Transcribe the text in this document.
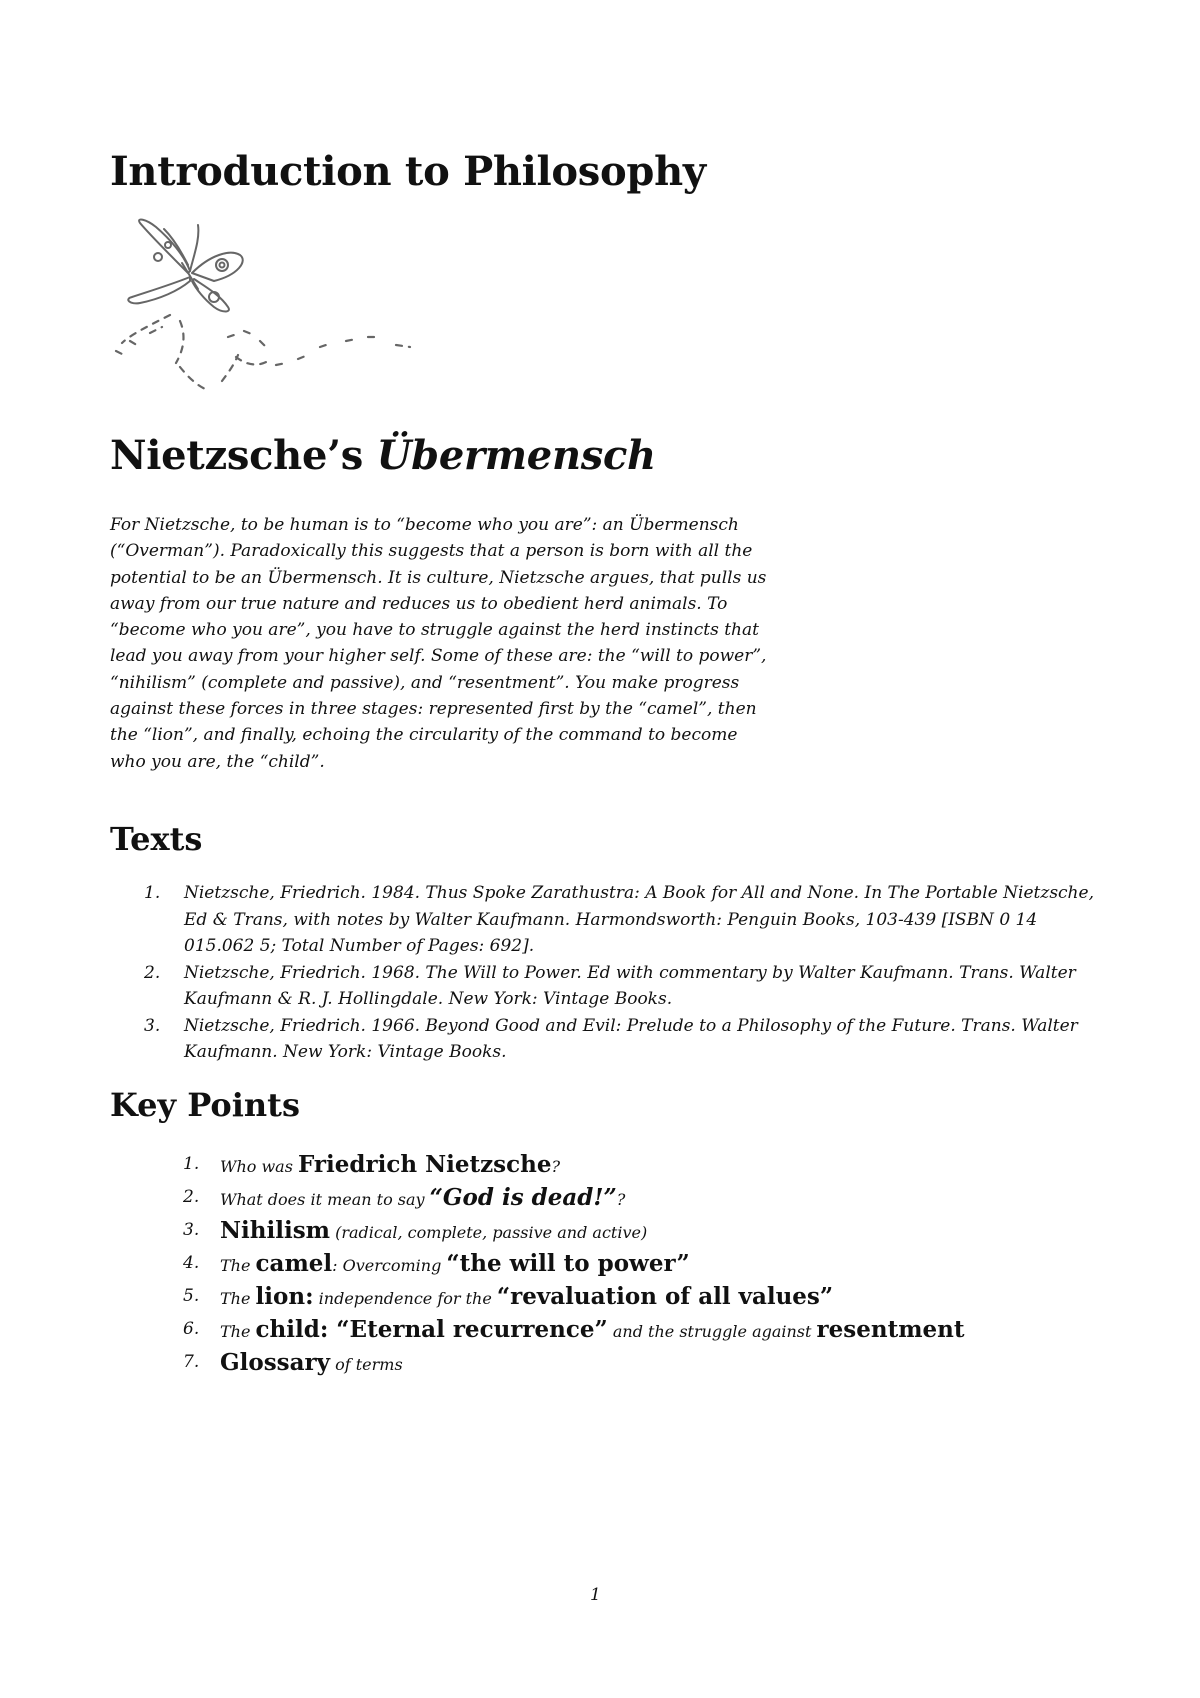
Introduction to Philosophy
Nietzsche’s Übermensch

For Nietzsche, to be human is to “become who you are”: an Übermensch (“Overman”). Paradoxically this suggests that a person is born with all the potential to be an Übermensch. It is culture, Nietzsche argues, that pulls us away from our true nature and reduces us to obedient herd animals. To “become who you are”, you have to struggle against the herd instincts that lead you away from your higher self. Some of these are: the “will to power”, “nihilism” (complete and passive), and “resentment”. You make progress against these forces in three stages: represented first by the “camel”, then the “lion”, and finally, echoing the circularity of the command to become who you are, the “child”.

Texts
1. Nietzsche, Friedrich. 1984. Thus Spoke Zarathustra: A Book for All and None. In The Portable Nietzsche, Ed & Trans, with notes by Walter Kaufmann. Harmondsworth: Penguin Books, 103-439 [ISBN 0 14 015.062 5; Total Number of Pages: 692].
2. Nietzsche, Friedrich. 1968. The Will to Power. Ed with commentary by Walter Kaufmann. Trans. Walter Kaufmann & R. J. Hollingdale. New York: Vintage Books.
3. Nietzsche, Friedrich. 1966. Beyond Good and Evil: Prelude to a Philosophy of the Future. Trans. Walter Kaufmann. New York: Vintage Books.
Key Points
1. Who was Friedrich Nietzsche?
2. What does it mean to say “God is dead!”?
3. Nihilism (radical, complete, passive and active)
4. The camel: Overcoming “the will to power”
5. The lion: independence for the “revaluation of all values”
6. The child: “Eternal recurrence” and the struggle against resentment
7. Glossary of terms
1
